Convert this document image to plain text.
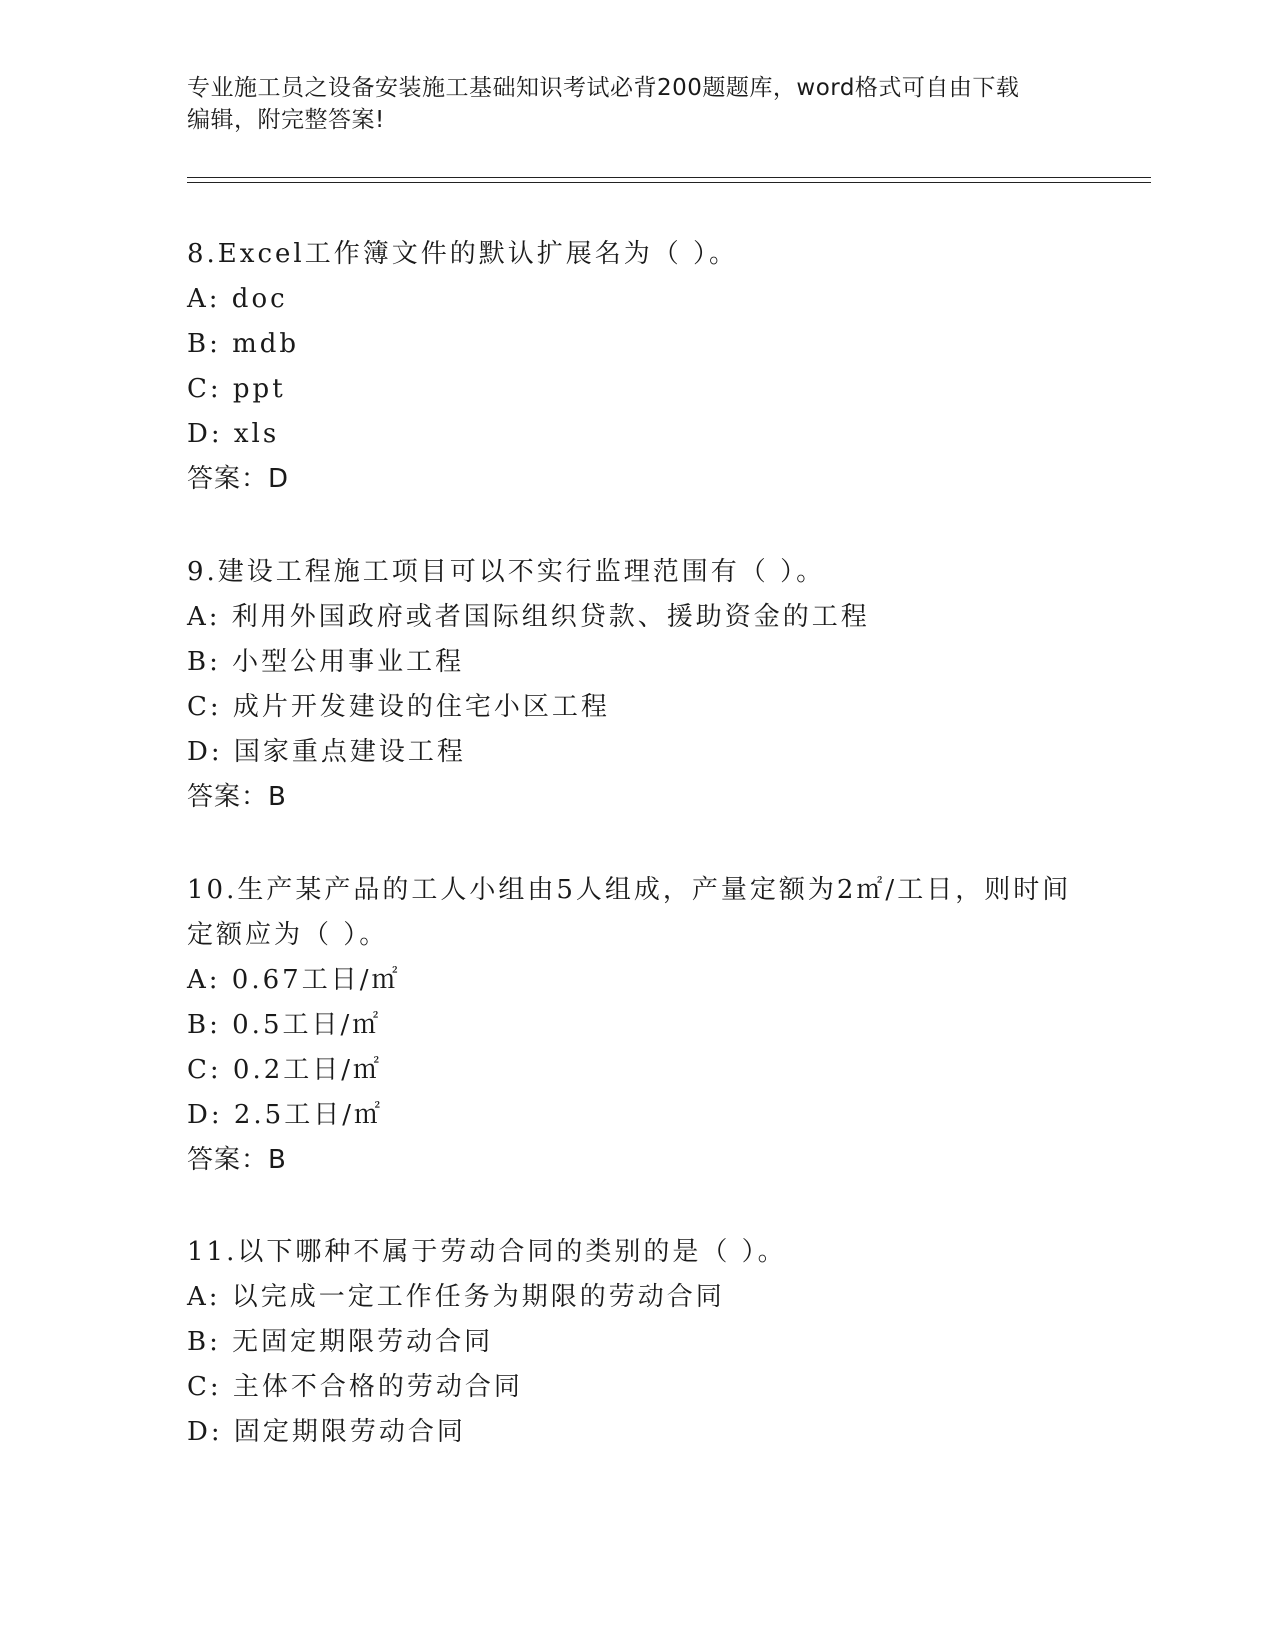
专业施工员之设备安装施工基础知识考试必背200题题库，word格式可自由下载
编辑，附完整答案!
8.Excel工作簿文件的默认扩展名为（ ）。
A: doc
B: mdb
C: ppt
D: xls
答案：D
9.建设工程施工项目可以不实行监理范围有（ ）。
A: 利用外国政府或者国际组织贷款、援助资金的工程
B: 小型公用事业工程
C: 成片开发建设的住宅小区工程
D: 国家重点建设工程
答案：B
10.生产某产品的工人小组由5人组成，产量定额为2㎡/工日，则时间
定额应为（ ）。
A: 0.67工日/㎡
B: 0.5工日/㎡
C: 0.2工日/㎡
D: 2.5工日/㎡
答案：B
11.以下哪种不属于劳动合同的类别的是（ ）。
A: 以完成一定工作任务为期限的劳动合同
B: 无固定期限劳动合同
C: 主体不合格的劳动合同
D: 固定期限劳动合同
